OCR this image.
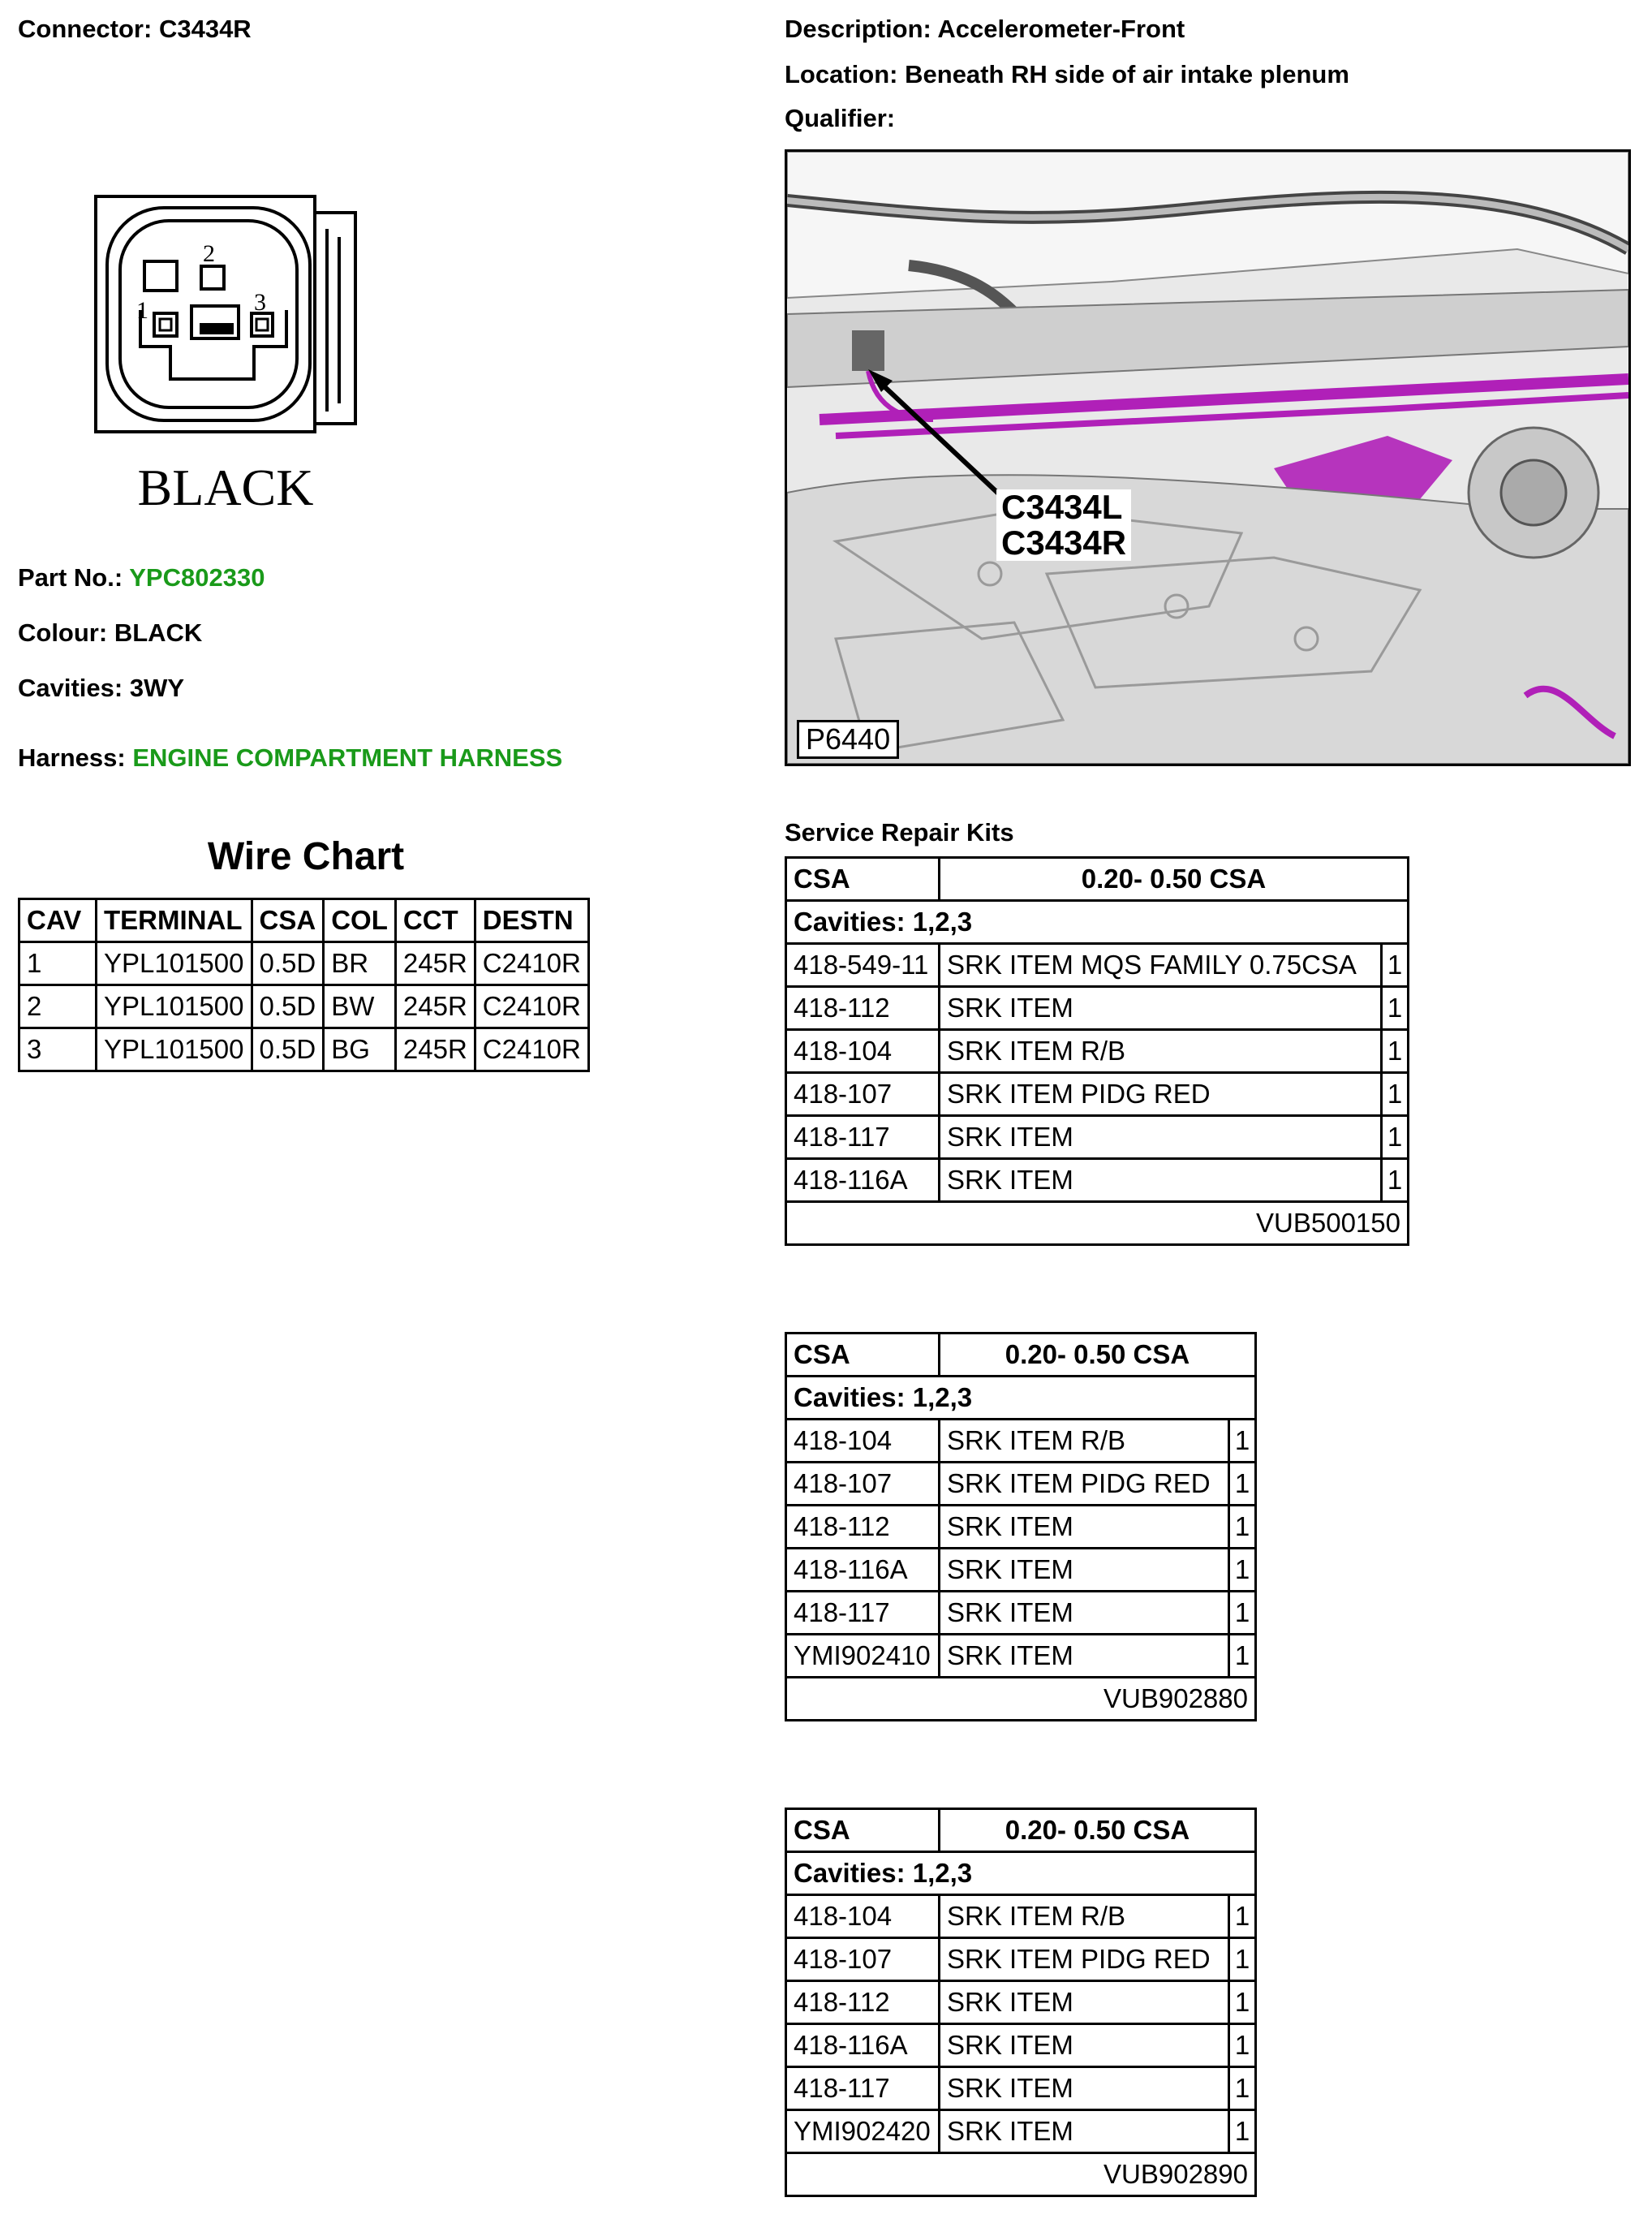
Connector: C3434R	Description: Accelerometer-Front
Location: Beneath RH side of air intake plenum
Qualifier:
2
1	3
BLACK
Part No.: YPC802330
Colour: BLACK
Cavities: 3WY
Harness: ENGINE COMPARTMENT HARNESS
C3434L
C3434R
P6440
Wire Chart
CAV	TERMINAL	CSA	COL	CCT	DESTN
1	YPL101500	0.5D	BR	245R	C2410R
2	YPL101500	0.5D	BW	245R	C2410R
3	YPL101500	0.5D	BG	245R	C2410R
Service Repair Kits
CSA	0.20- 0.50 CSA	
Cavities: 1,2,3		
418-549-11	SRK ITEM MQS FAMILY 0.75CSA	1
418-112	SRK ITEM	1
418-104	SRK ITEM R/B	1
418-107	SRK ITEM PIDG RED	1
418-117	SRK ITEM	1
418-116A	SRK ITEM	1
VUB500150		
CSA	0.20- 0.50 CSA	
Cavities: 1,2,3		
418-104	SRK ITEM R/B	1
418-107	SRK ITEM PIDG RED	1
418-112	SRK ITEM	1
418-116A	SRK ITEM	1
418-117	SRK ITEM	1
YMI902410	SRK ITEM	1
VUB902880		
CSA	0.20- 0.50 CSA	
Cavities: 1,2,3		
418-104	SRK ITEM R/B	1
418-107	SRK ITEM PIDG RED	1
418-112	SRK ITEM	1
418-116A	SRK ITEM	1
418-117	SRK ITEM	1
YMI902420	SRK ITEM	1
VUB902890		
